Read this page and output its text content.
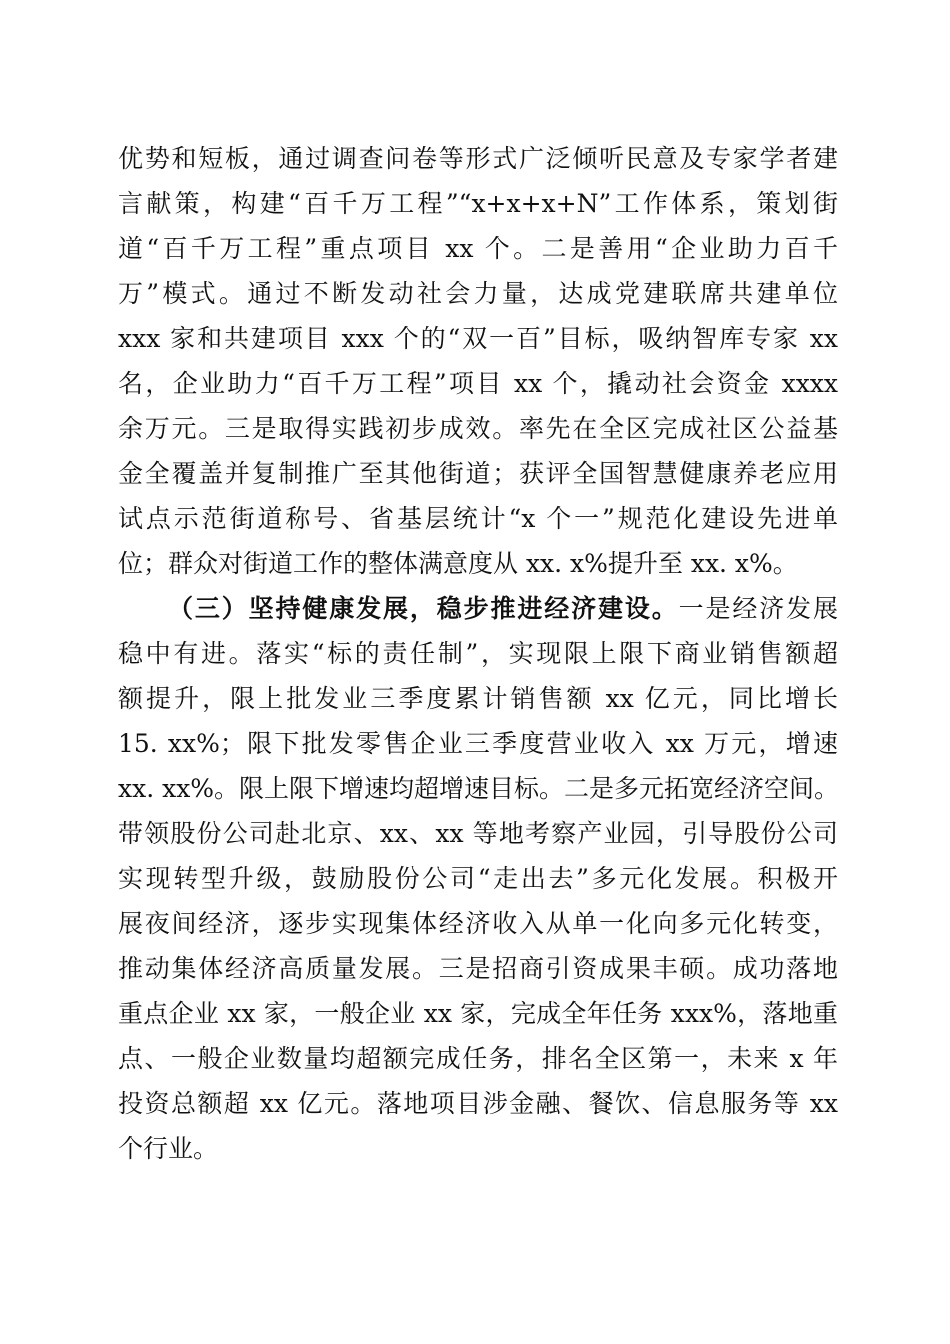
优势和短板，通过调查问卷等形式广泛倾听民意及专家学者建
言献策，构建“百千万工程”“x+x+x+N”工作体系，策划街
道“百千万工程”重点项目 xx 个。二是善用“企业助力百千
万”模式。通过不断发动社会力量，达成党建联席共建单位
xxx 家和共建项目 xxx 个的“双一百”目标，吸纳智库专家 xx
名，企业助力“百千万工程”项目 xx 个，撬动社会资金 xxxx
余万元。三是取得实践初步成效。率先在全区完成社区公益基
金全覆盖并复制推广至其他街道；获评全国智慧健康养老应用
试点示范街道称号、省基层统计“x 个一”规范化建设先进单
位；群众对街道工作的整体满意度从 xx. x%提升至 xx. x%。
（三）坚持健康发展，稳步推进经济建设。一是经济发展
稳中有进。落实“标的责任制”，实现限上限下商业销售额超
额提升，限上批发业三季度累计销售额 xx 亿元，同比增长
15. xx%；限下批发零售企业三季度营业收入 xx 万元，增速
xx. xx%。限上限下增速均超增速目标。二是多元拓宽经济空间。
带领股份公司赴北京、xx、xx 等地考察产业园，引导股份公司
实现转型升级，鼓励股份公司“走出去”多元化发展。积极开
展夜间经济，逐步实现集体经济收入从单一化向多元化转变，
推动集体经济高质量发展。三是招商引资成果丰硕。成功落地
重点企业 xx 家，一般企业 xx 家，完成全年任务 xxx%，落地重
点、一般企业数量均超额完成任务，排名全区第一，未来 x 年
投资总额超 xx 亿元。落地项目涉金融、餐饮、信息服务等 xx
个行业。
